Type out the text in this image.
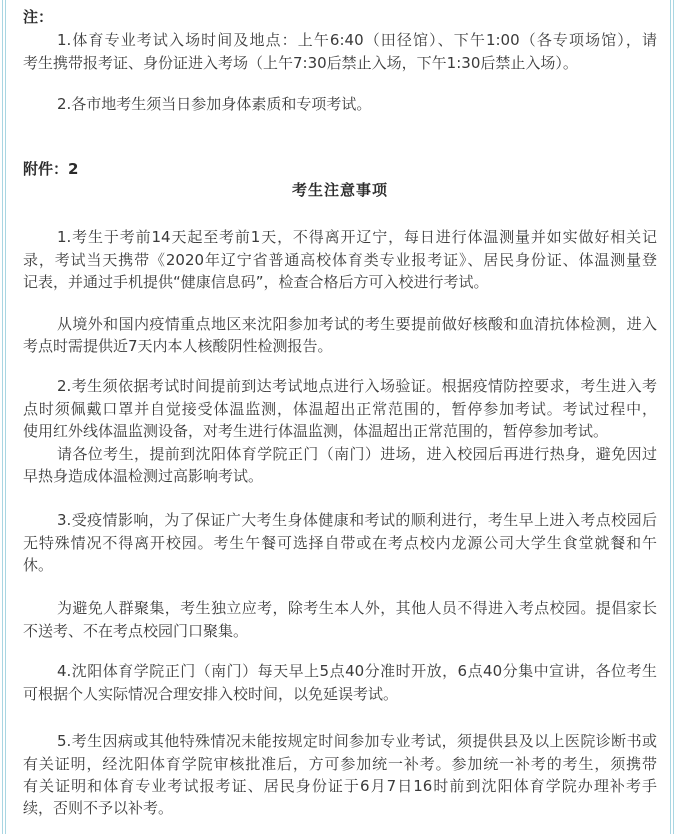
注：
1.体育专业考试入场时间及地点：上午6:40（田径馆）、下午1:00（各专项场馆），请
考生携带报考证、身份证进入考场（上午7:30后禁止入场，下午1:30后禁止入场）。
2.各市地考生须当日参加身体素质和专项考试。
附件：2
考生注意事项
1.考生于考前14天起至考前1天，不得离开辽宁，每日进行体温测量并如实做好相关记
录，考试当天携带《2020年辽宁省普通高校体育类专业报考证》、居民身份证、体温测量登
记表，并通过手机提供“健康信息码”，检查合格后方可入校进行考试。
从境外和国内疫情重点地区来沈阳参加考试的考生要提前做好核酸和血清抗体检测，进入
考点时需提供近7天内本人核酸阴性检测报告。
2.考生须依据考试时间提前到达考试地点进行入场验证。根据疫情防控要求，考生进入考
点时须佩戴口罩并自觉接受体温监测，体温超出正常范围的，暂停参加考试。考试过程中，
使用红外线体温监测设备，对考生进行体温监测，体温超出正常范围的，暂停参加考试。
请各位考生，提前到沈阳体育学院正门（南门）进场，进入校园后再进行热身，避免因过
早热身造成体温检测过高影响考试。
3.受疫情影响，为了保证广大考生身体健康和考试的顺利进行，考生早上进入考点校园后
无特殊情况不得离开校园。考生午餐可选择自带或在考点校内龙源公司大学生食堂就餐和午
休。
为避免人群聚集，考生独立应考，除考生本人外，其他人员不得进入考点校园。提倡家长
不送考、不在考点校园门口聚集。
4.沈阳体育学院正门（南门）每天早上5点40分准时开放，6点40分集中宣讲，各位考生
可根据个人实际情况合理安排入校时间，以免延误考试。
5.考生因病或其他特殊情况未能按规定时间参加专业考试，须提供县及以上医院诊断书或
有关证明，经沈阳体育学院审核批准后，方可参加统一补考。参加统一补考的考生，须携带
有关证明和体育专业考试报考证、居民身份证于6月7日16时前到沈阳体育学院办理补考手
续，否则不予以补考。
